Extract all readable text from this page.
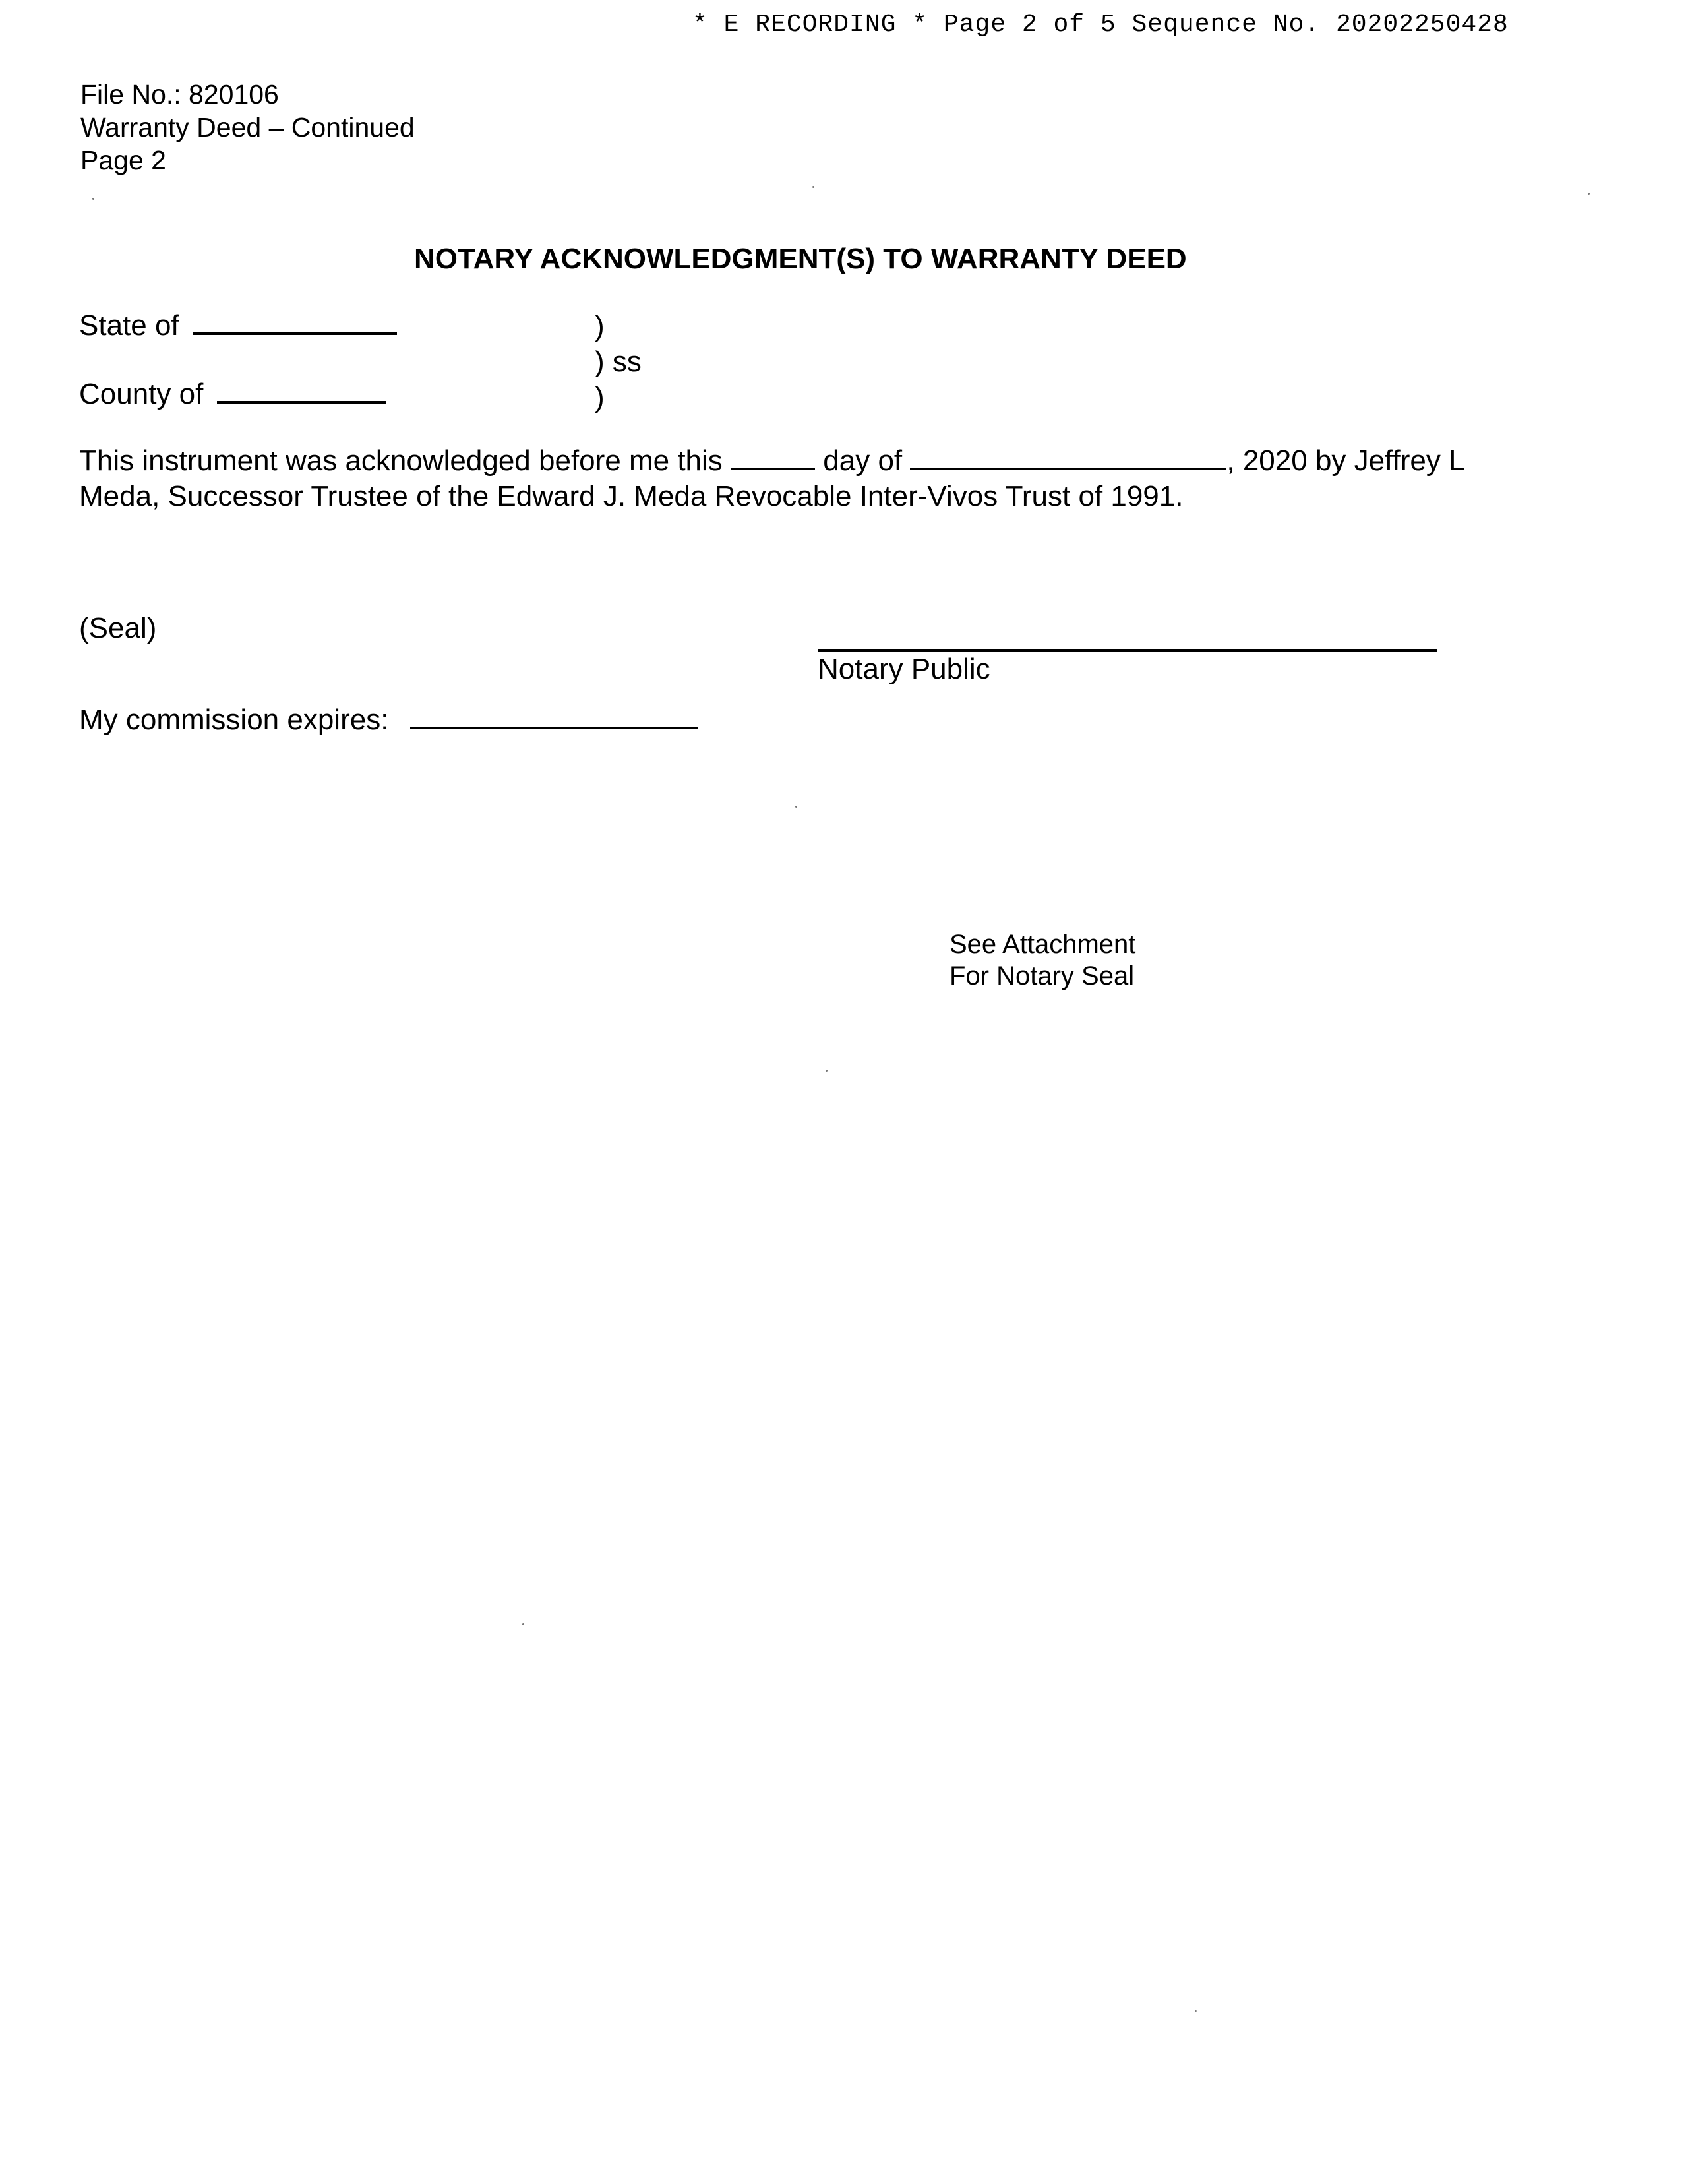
* E RECORDING * Page 2 of 5 Sequence No. 20202250428
File No.: 820106
Warranty Deed – Continued
Page 2
NOTARY ACKNOWLEDGMENT(S) TO WARRANTY DEED
State of
County of
)
) ss
)
This instrument was acknowledged before me this	day of	, 2020 by Jeffrey L
Meda, Successor Trustee of the Edward J. Meda Revocable Inter-Vivos Trust of 1991.
(Seal)
Notary Public
My commission expires:
See Attachment
For Notary Seal
